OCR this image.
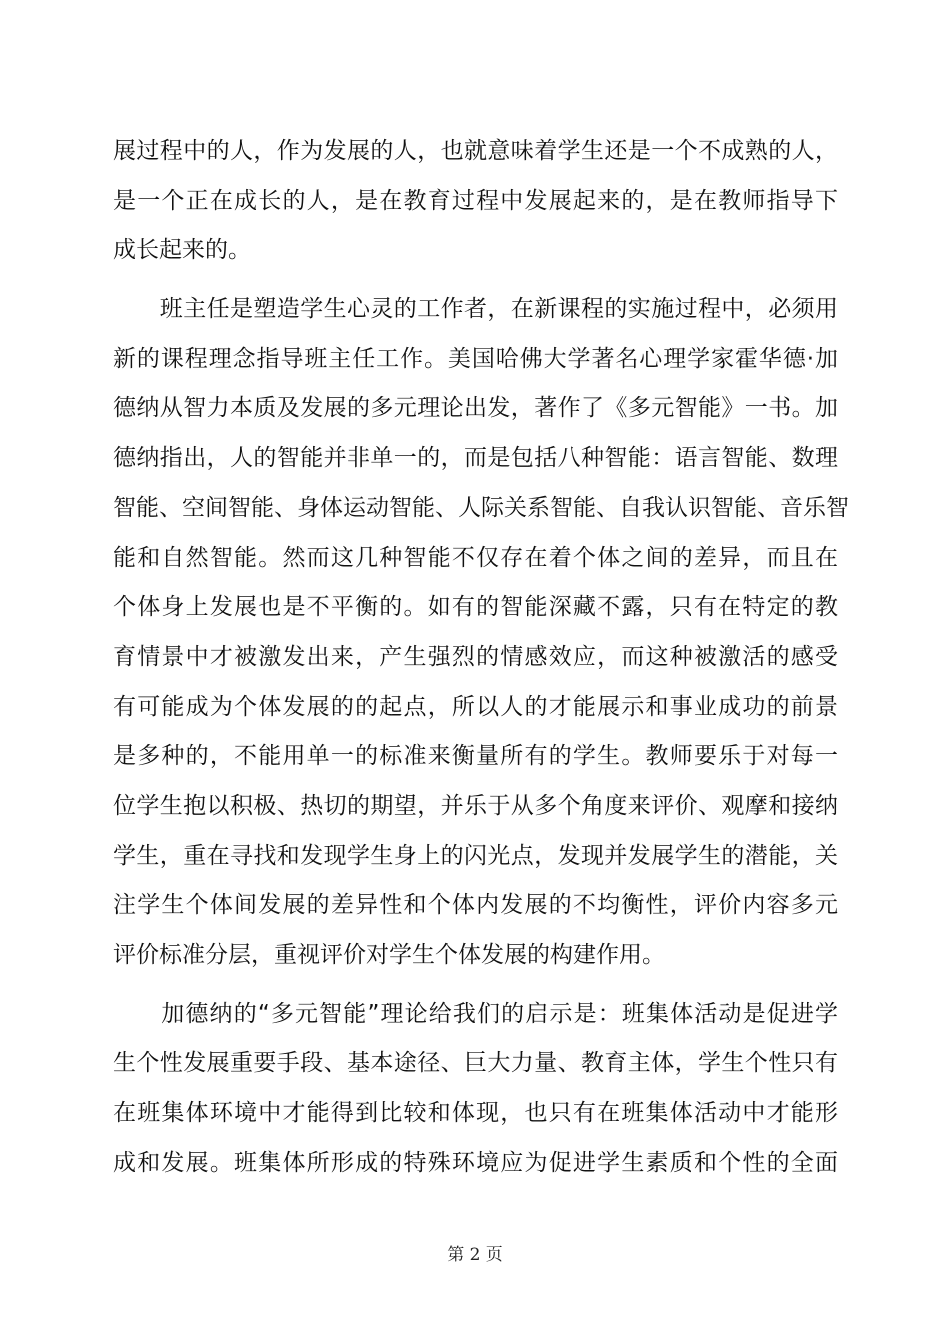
展过程中的人，作为发展的人，也就意味着学生还是一个不成熟的人，
是一个正在成长的人，是在教育过程中发展起来的，是在教师指导下
成长起来的。
　　班主任是塑造学生心灵的工作者，在新课程的实施过程中，必须用
新的课程理念指导班主任工作。美国哈佛大学著名心理学家霍华德·加
德纳从智力本质及发展的多元理论出发，著作了《多元智能》一书。加
德纳指出，人的智能并非单一的，而是包括八种智能：语言智能、数理
智能、空间智能、身体运动智能、人际关系智能、自我认识智能、音乐智
能和自然智能。然而这几种智能不仅存在着个体之间的差异，而且在
个体身上发展也是不平衡的。如有的智能深藏不露，只有在特定的教
育情景中才被激发出来，产生强烈的情感效应，而这种被激活的感受
有可能成为个体发展的的起点，所以人的才能展示和事业成功的前景
是多种的，不能用单一的标准来衡量所有的学生。教师要乐于对每一
位学生抱以积极、热切的期望，并乐于从多个角度来评价、观摩和接纳
学生，重在寻找和发现学生身上的闪光点，发现并发展学生的潜能，关
注学生个体间发展的差异性和个体内发展的不均衡性，评价内容多元
评价标准分层，重视评价对学生个体发展的构建作用。
　　加德纳的“多元智能”理论给我们的启示是：班集体活动是促进学
生个性发展重要手段、基本途径、巨大力量、教育主体，学生个性只有
在班集体环境中才能得到比较和体现，也只有在班集体活动中才能形
成和发展。班集体所形成的特殊环境应为促进学生素质和个性的全面
第 2 页
